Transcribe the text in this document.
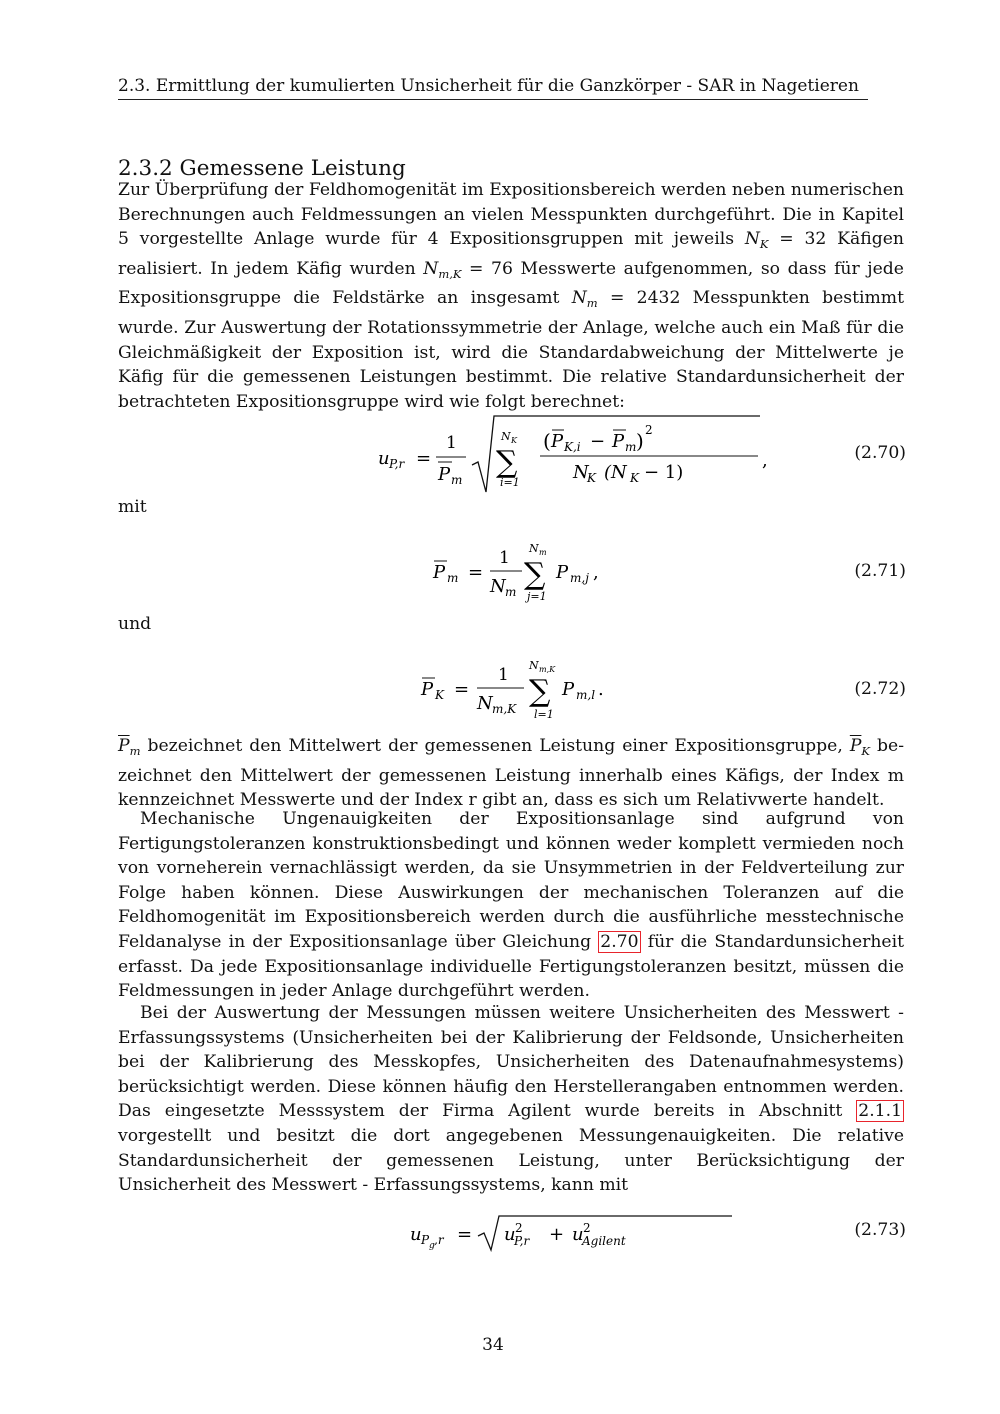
2.3. Ermittlung der kumulierten Unsicherheit für die Ganzkörper - SAR in Nagetieren
2.3.2 Gemessene Leistung

Zur Überprüfung der Feldhomogenität im Expositionsbereich werden neben numerischen Berechnungen auch Feldmessungen an vielen Messpunkten durchgeführt. Die in Kapitel 5 vorgestellte Anlage wurde für 4 Expositionsgruppen mit jeweils $N_K = 32$ Käfigen realisiert. In jedem Käfig wurden $N_{m,K} = 76$ Messwerte aufgenommen, so dass für jede Expositionsgruppe die Feldstärke an insgesamt $N_m = 2432$ Messpunkten bestimmt wurde. Zur Auswertung der Rotationssymmetrie der Anlage, welche auch ein Maß für die Gleichmäßigkeit der Exposition ist, wird die Standardabweichung der Mittelwerte je Käfig für die gemessenen Leistungen bestimmt. Die relative Standardunsicherheit der betrachteten Expositionsgruppe wird wie folgt berechnet:

u P,r =
1
P m
N K
∑
i=1
( P K,i − P m ) 2
N
K (N K − 1)
,	(2.70)
mit
P m =
1
N m
N m
∑
j=1
P m,j ,	(2.71)
und
P K =
1
N m,K
N m,K
∑
l=1
P m,l .	(2.72)

$\overline{P}_m$ bezeichnet den Mittelwert der gemessenen Leistung einer Expositionsgruppe, $\overline{P}_K$ bezeichnet den Mittelwert der gemessenen Leistung innerhalb eines Käfigs, der Index m kennzeichnet Messwerte und der Index r gibt an, dass es sich um Relativwerte handelt.

Mechanische Ungenauigkeiten der Expositionsanlage sind aufgrund von Fertigungstoleranzen konstruktionsbedingt und können weder komplett vermieden noch von vorneherein vernachlässigt werden, da sie Unsymmetrien in der Feldverteilung zur Folge haben können. Diese Auswirkungen der mechanischen Toleranzen auf die Feldhomogenität im Expositionsbereich werden durch die ausführliche messtechnische Feldanalyse in der Expositionsanlage über Gleichung 2.70 für die Standardunsicherheit erfasst. Da jede Expositionsanlage individuelle Fertigungstoleranzen besitzt, müssen die Feldmessungen in jeder Anlage durchgeführt werden.

Bei der Auswertung der Messungen müssen weitere Unsicherheiten des Messwert - Erfassungssystems (Unsicherheiten bei der Kalibrierung der Feldsonde, Unsicherheiten bei der Kalibrierung des Messkopfes, Unsicherheiten des Datenaufnahmesystems) berücksichtigt werden. Diese können häufig den Herstellerangaben entnommen werden. Das eingesetzte Messsystem der Firma Agilent wurde bereits in Abschnitt 2.1.1 vorgestellt und besitzt die dort angegebenen Messungenauigkeiten. Die relative Standardunsicherheit der gemessenen Leistung, unter Berücksichtigung der Unsicherheit des Messwert - Erfassungssystems, kann mit

u P g ,r = u 2
P,r + u 2
Agilent
(2.73)
34
